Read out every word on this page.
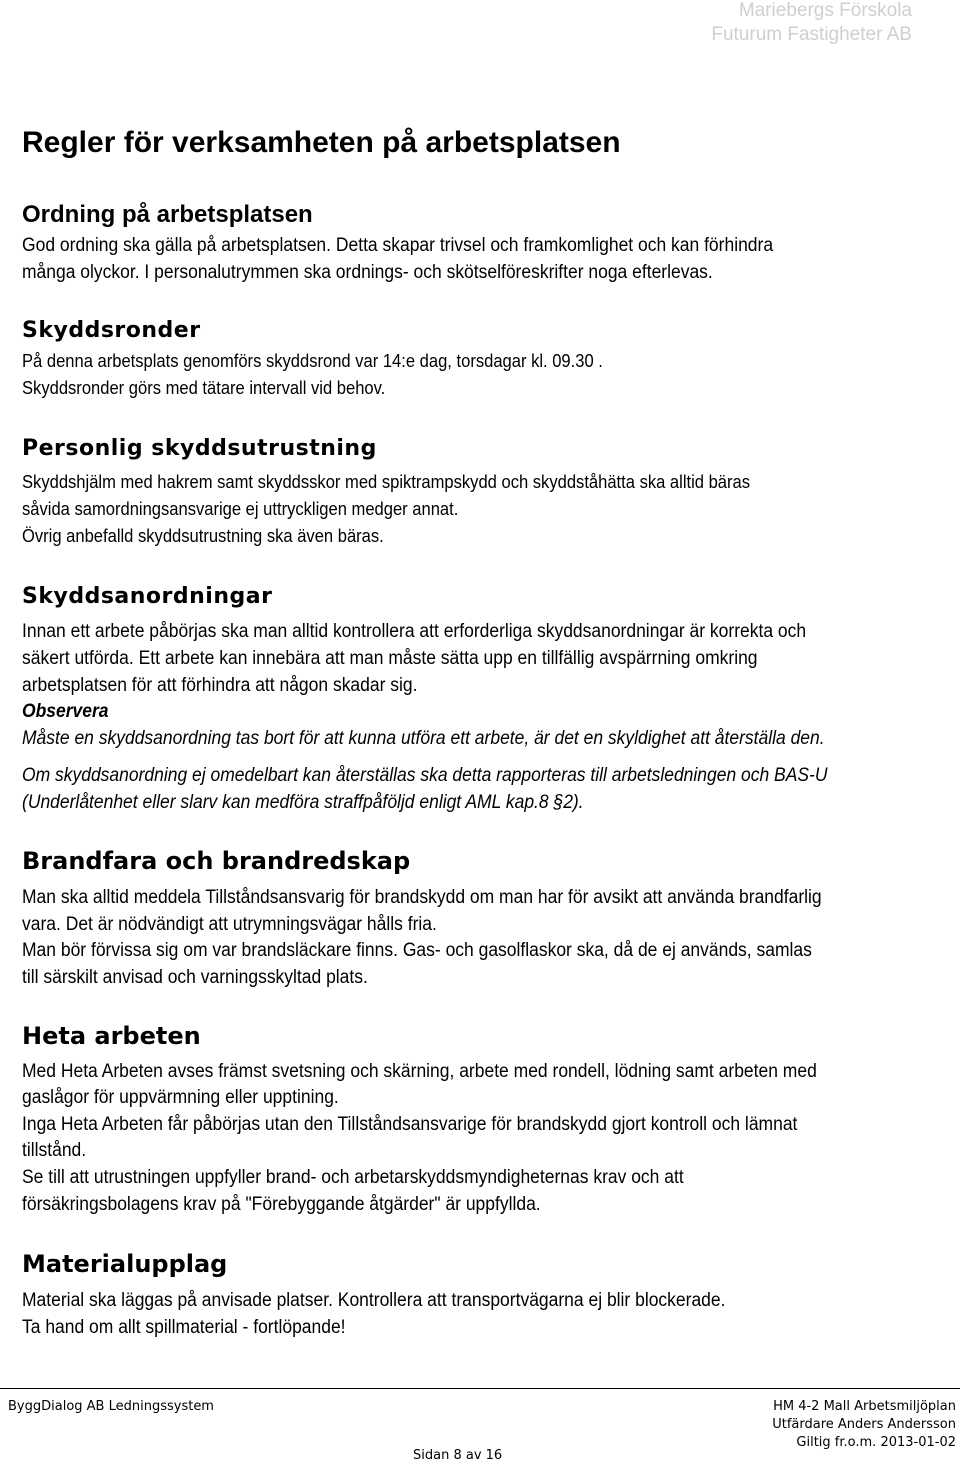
Mariebergs Förskola
Futurum Fastigheter AB
Regler för verksamheten på arbetsplatsen
Ordning på arbetsplatsen
God ordning ska gälla på arbetsplatsen. Detta skapar trivsel och framkomlighet och kan förhindra
många olyckor. I personalutrymmen ska ordnings- och skötselföreskrifter noga efterlevas.
Skyddsronder
På denna arbetsplats genomförs skyddsrond var 14:e dag, torsdagar kl. 09.30 .
Skyddsronder görs med tätare intervall vid behov.
Personlig skyddsutrustning
Skyddshjälm med hakrem samt skyddsskor med spiktrampskydd och skyddståhätta ska alltid bäras
såvida samordningsansvarige ej uttryckligen medger annat.
Övrig anbefalld skyddsutrustning ska även bäras.
Skyddsanordningar
Innan ett arbete påbörjas ska man alltid kontrollera att erforderliga skyddsanordningar är korrekta och
säkert utförda. Ett arbete kan innebära att man måste sätta upp en tillfällig avspärrning omkring
arbetsplatsen för att förhindra att någon skadar sig.
Observera
Måste en skyddsanordning tas bort för att kunna utföra ett arbete, är det en skyldighet att återställa den.
Om skyddsanordning ej omedelbart kan återställas ska detta rapporteras till arbetsledningen och BAS-U
(Underlåtenhet eller slarv kan medföra straffpåföljd enligt AML kap.8 §2).
Brandfara och brandredskap
Man ska alltid meddela Tillståndsansvarig för brandskydd om man har för avsikt att använda brandfarlig
vara. Det är nödvändigt att utrymningsvägar hålls fria.
Man bör förvissa sig om var brandsläckare finns. Gas- och gasolflaskor ska, då de ej används, samlas
till särskilt anvisad och varningsskyltad plats.
Heta arbeten
Med Heta Arbeten avses främst svetsning och skärning, arbete med rondell, lödning samt arbeten med
gaslågor för uppvärmning eller upptining.
Inga Heta Arbeten får påbörjas utan den Tillståndsansvarige för brandskydd gjort kontroll och lämnat
tillstånd.
Se till att utrustningen uppfyller brand- och arbetarskyddsmyndigheternas krav och att
försäkringsbolagens krav på "Förebyggande åtgärder" är uppfyllda.
Materialupplag
Material ska läggas på anvisade platser. Kontrollera att transportvägarna ej blir blockerade.
Ta hand om allt spillmaterial - fortlöpande!
ByggDialog AB Ledningssystem	HM 4-2 Mall Arbetsmiljöplan
Utfärdare Anders Andersson
Giltig fr.o.m. 2013-01-02
Sidan 8 av 16
